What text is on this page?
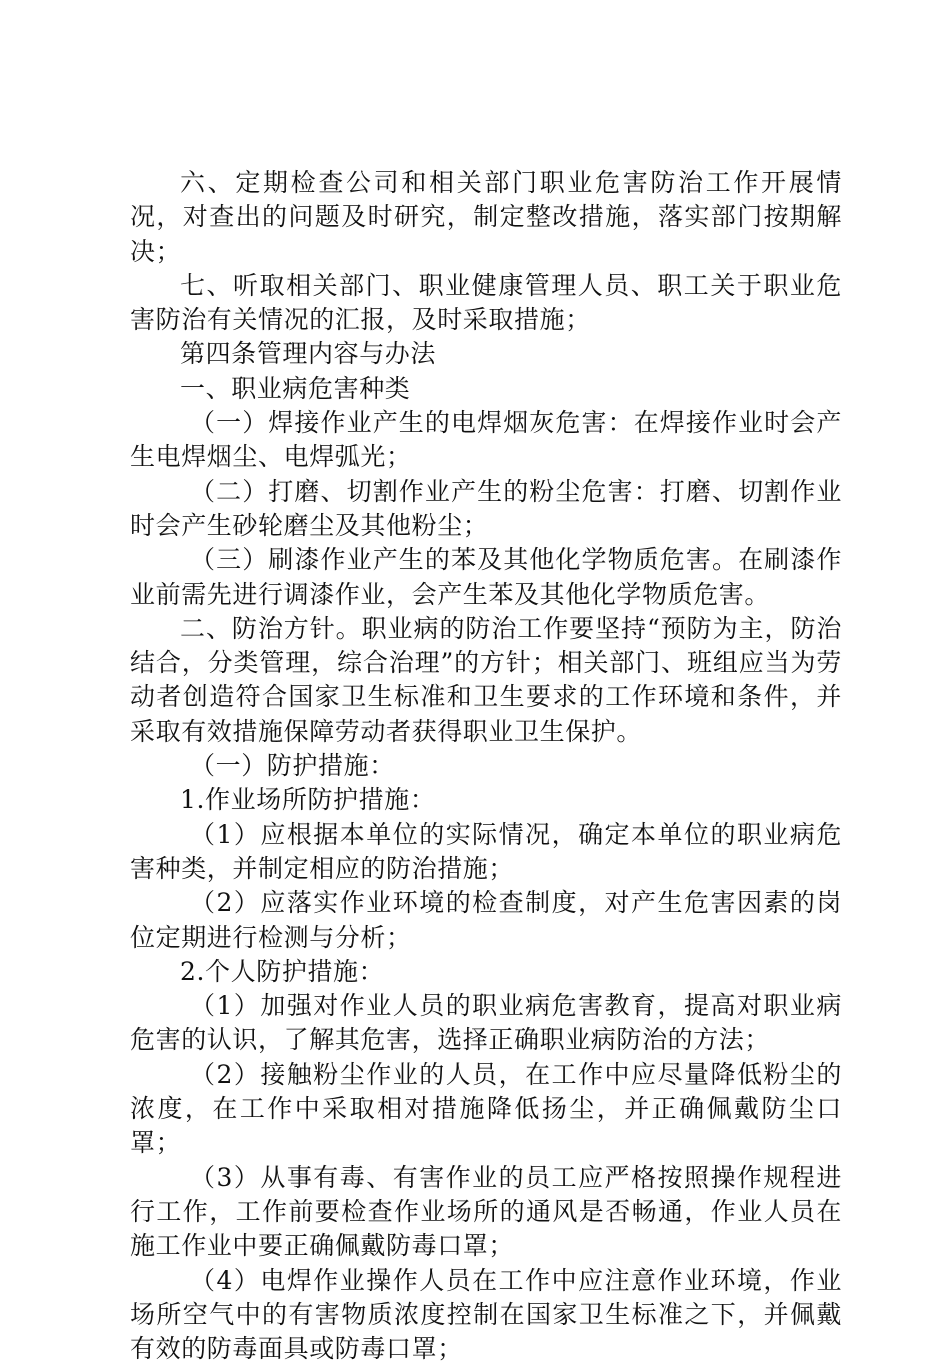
六、定期检查公司和相关部门职业危害防治工作开展情况，对查出的问题及时研究，制定整改措施，落实部门按期解决；

七、听取相关部门、职业健康管理人员、职工关于职业危害防治有关情况的汇报，及时采取措施；

第四条管理内容与办法

一、职业病危害种类

（一）焊接作业产生的电焊烟灰危害：在焊接作业时会产生电焊烟尘、电焊弧光；

（二）打磨、切割作业产生的粉尘危害：打磨、切割作业时会产生砂轮磨尘及其他粉尘；

（三）刷漆作业产生的苯及其他化学物质危害。在刷漆作业前需先进行调漆作业，会产生苯及其他化学物质危害。

二、防治方针。职业病的防治工作要坚持“预防为主，防治结合，分类管理，综合治理”的方针；相关部门、班组应当为劳动者创造符合国家卫生标准和卫生要求的工作环境和条件，并采取有效措施保障劳动者获得职业卫生保护。

（一）防护措施：

1.作业场所防护措施：

（1）应根据本单位的实际情况，确定本单位的职业病危害种类，并制定相应的防治措施；

（2）应落实作业环境的检查制度，对产生危害因素的岗位定期进行检测与分析；

2.个人防护措施：

（1）加强对作业人员的职业病危害教育，提高对职业病危害的认识，了解其危害，选择正确职业病防治的方法；

（2）接触粉尘作业的人员，在工作中应尽量降低粉尘的浓度，在工作中采取相对措施降低扬尘，并正确佩戴防尘口罩；

（3）从事有毒、有害作业的员工应严格按照操作规程进行工作，工作前要检查作业场所的通风是否畅通，作业人员在施工作业中要正确佩戴防毒口罩；

（4）电焊作业操作人员在工作中应注意作业环境，作业场所空气中的有害物质浓度控制在国家卫生标准之下，并佩戴有效的防毒面具或防毒口罩；
